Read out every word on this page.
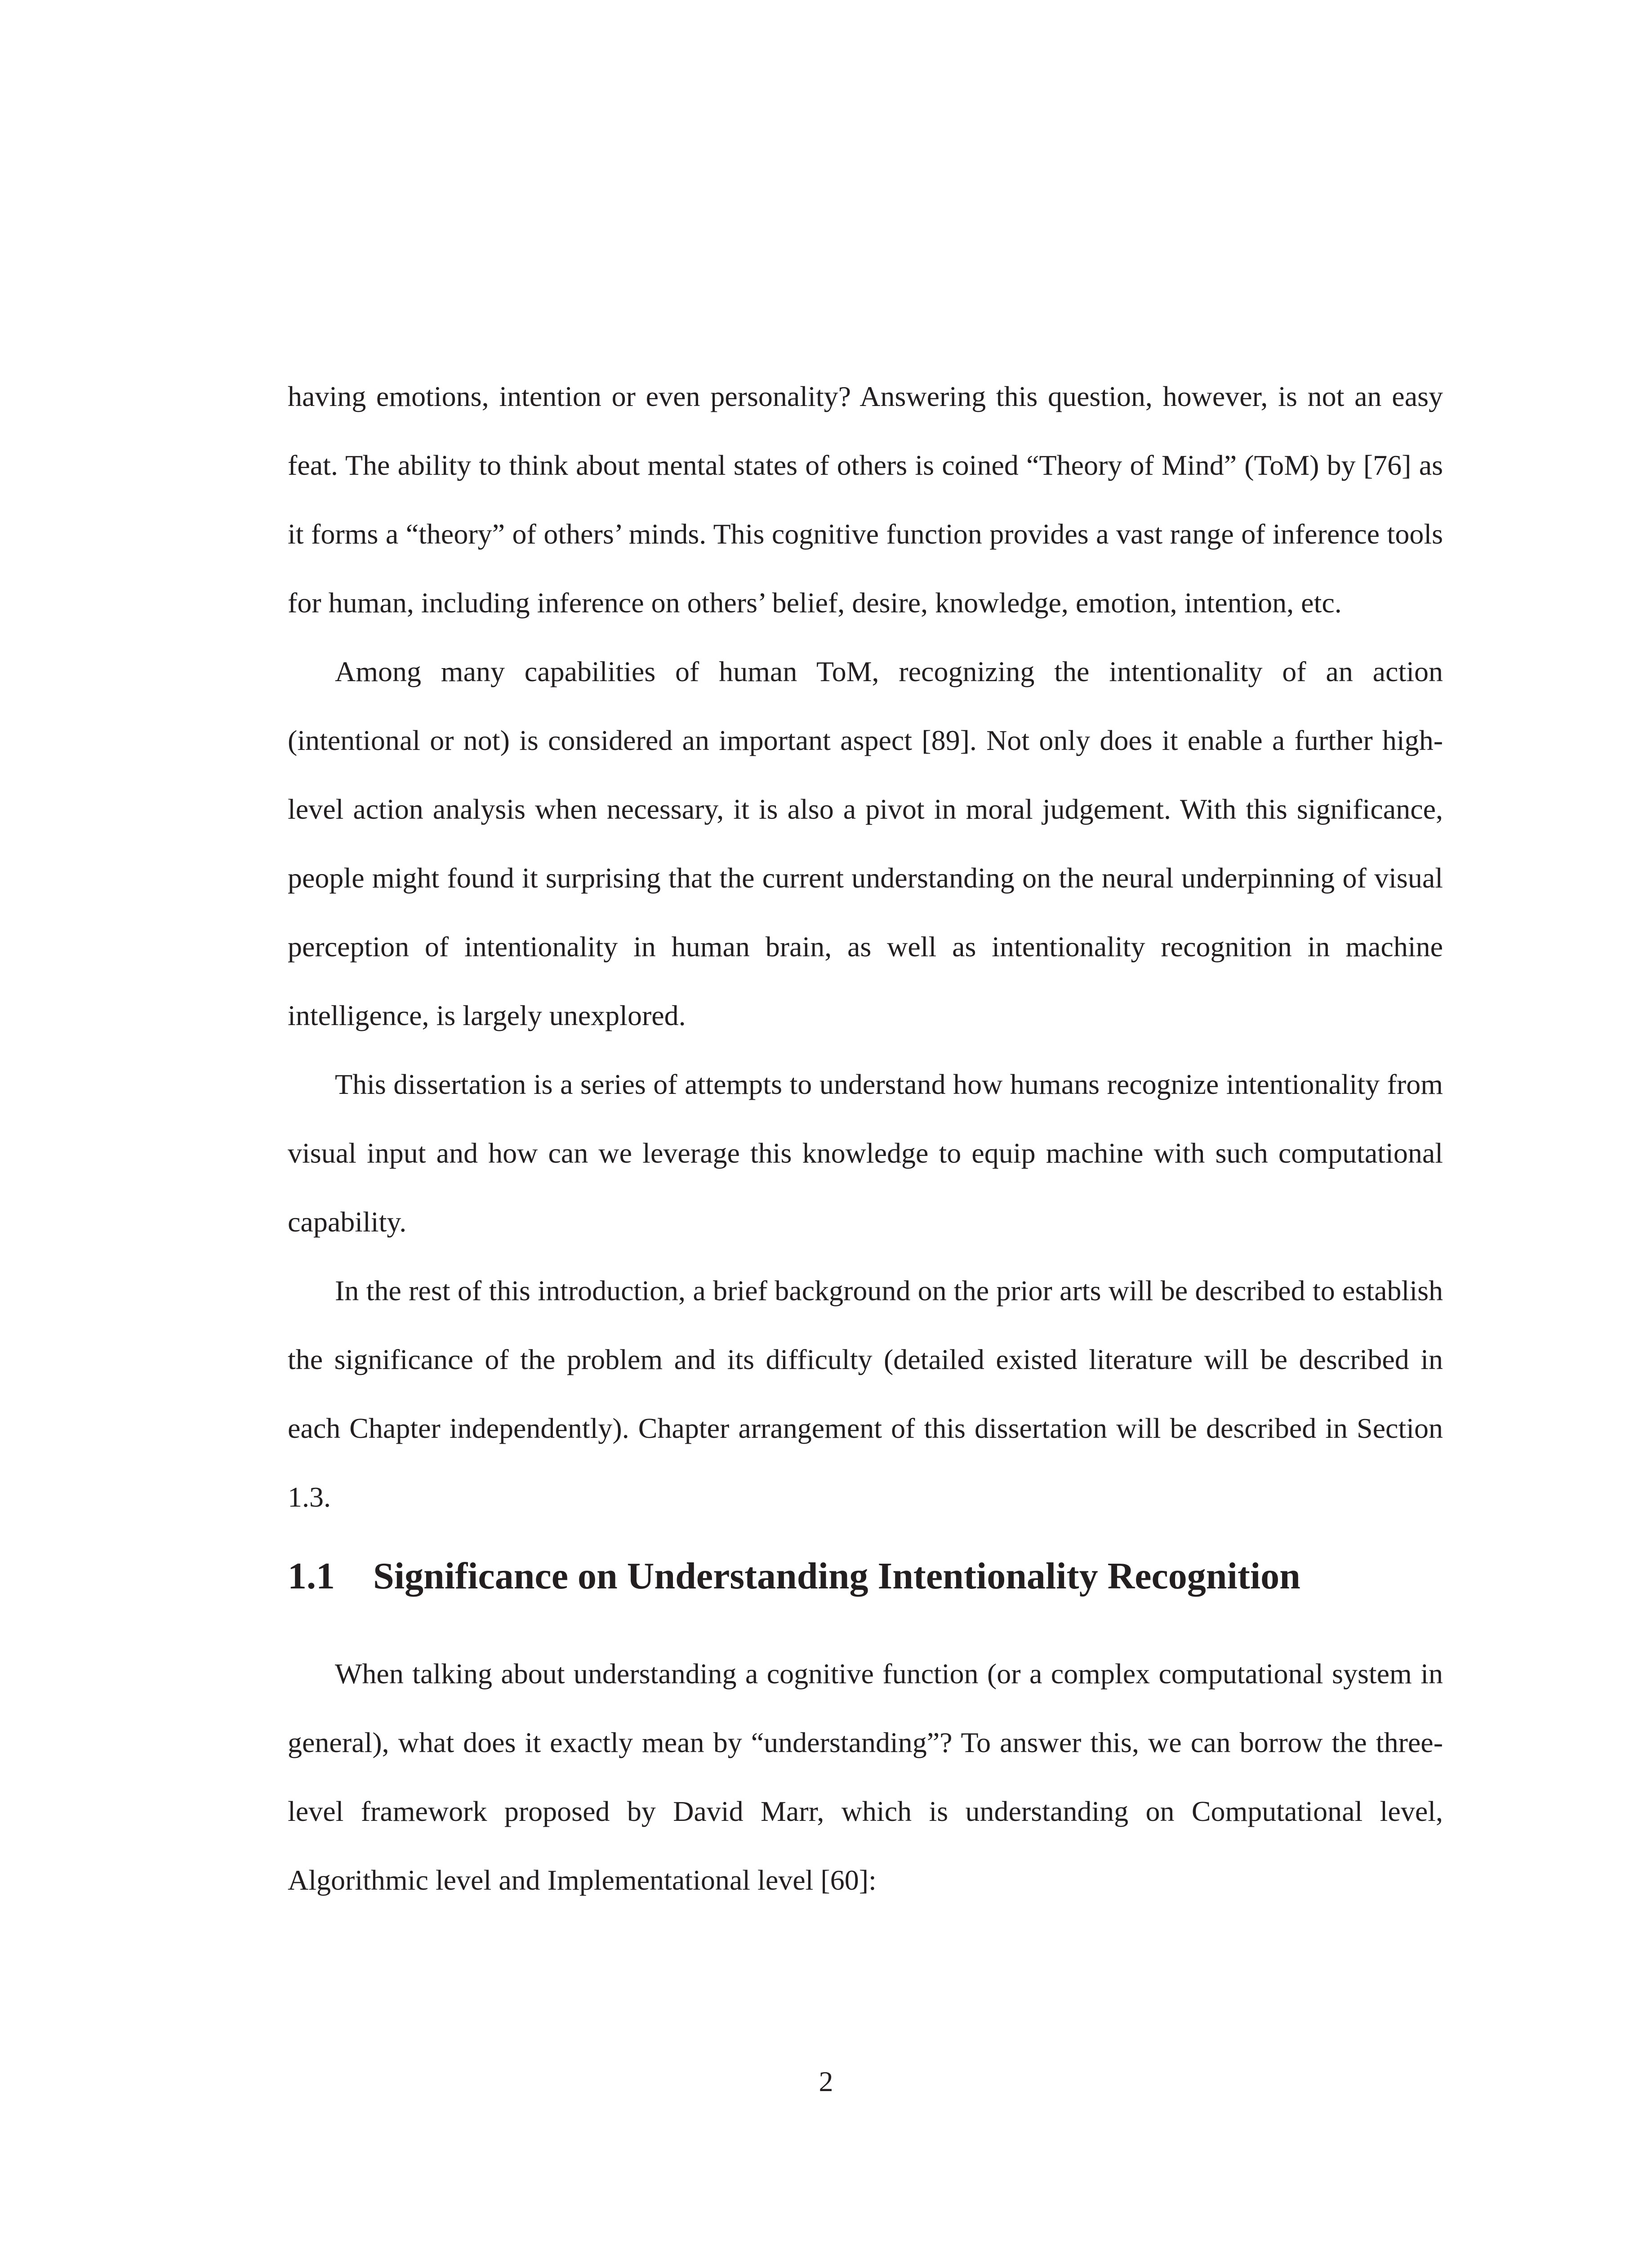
having emotions, intention or even personality? Answering this question, however, is not an easy feat. The ability to think about mental states of others is coined “Theory of Mind” (ToM) by [76] as it forms a “theory” of others’ minds. This cognitive function provides a vast range of inference tools for human, including inference on others’ belief, desire, knowledge, emotion, intention, etc.

Among many capabilities of human ToM, recognizing the intentionality of an action (intentional or not) is considered an important aspect [89]. Not only does it enable a further high-level action analysis when necessary, it is also a pivot in moral judgement. With this significance, people might found it surprising that the current understanding on the neural underpinning of visual perception of intentionality in human brain, as well as intentionality recognition in machine intelligence, is largely unexplored.

This dissertation is a series of attempts to understand how humans recognize intentionality from visual input and how can we leverage this knowledge to equip machine with such computational capability.

In the rest of this introduction, a brief background on the prior arts will be described to establish the significance of the problem and its difficulty (detailed existed literature will be described in each Chapter independently). Chapter arrangement of this dissertation will be described in Section 1.3.

1.1	Significance on Understanding Intentionality Recognition

When talking about understanding a cognitive function (or a complex computational system in general), what does it exactly mean by “understanding”? To answer this, we can borrow the three-level framework proposed by David Marr, which is understanding on Computational level, Algorithmic level and Implementational level [60]:

2
